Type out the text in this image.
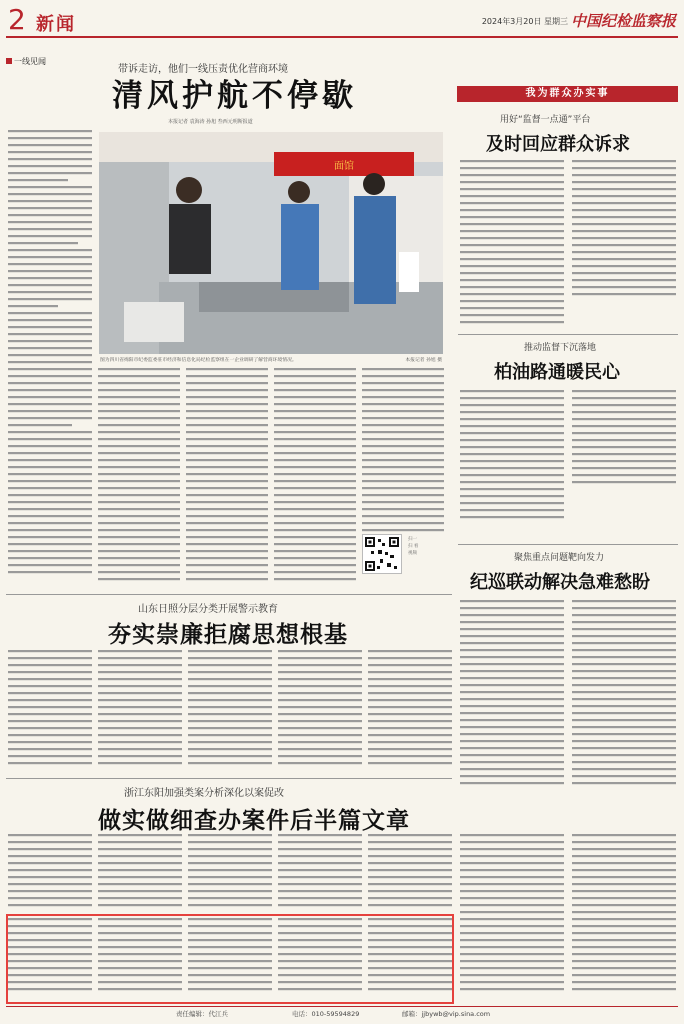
2 新闻	2024年3月20日 星期三 中国纪检监察报
一线见闻
带诉走访，他们一线压责优化营商环境
清风护航不停歇
本报记者 袁海涛 孙旭 叁西元明斯报道
面馆
图为四川省绵阳市纪委监委驻市经济和信息化局纪检监察组在一企业调研了解营商环境情况。	本报记者 孙旭 摄
扫一扫 看视频
我为群众办实事
用好“监督一点通”平台
及时回应群众诉求
推动监督下沉落地
柏油路通暖民心
聚焦重点问题靶向发力
纪巡联动解决急难愁盼
山东日照分层分类开展警示教育
夯实崇廉拒腐思想根基
浙江东阳加强类案分析深化以案促改
做实做细查办案件后半篇文章
责任编辑：代江兵	电话：010-59594829	邮箱：jjbywb@vip.sina.com
